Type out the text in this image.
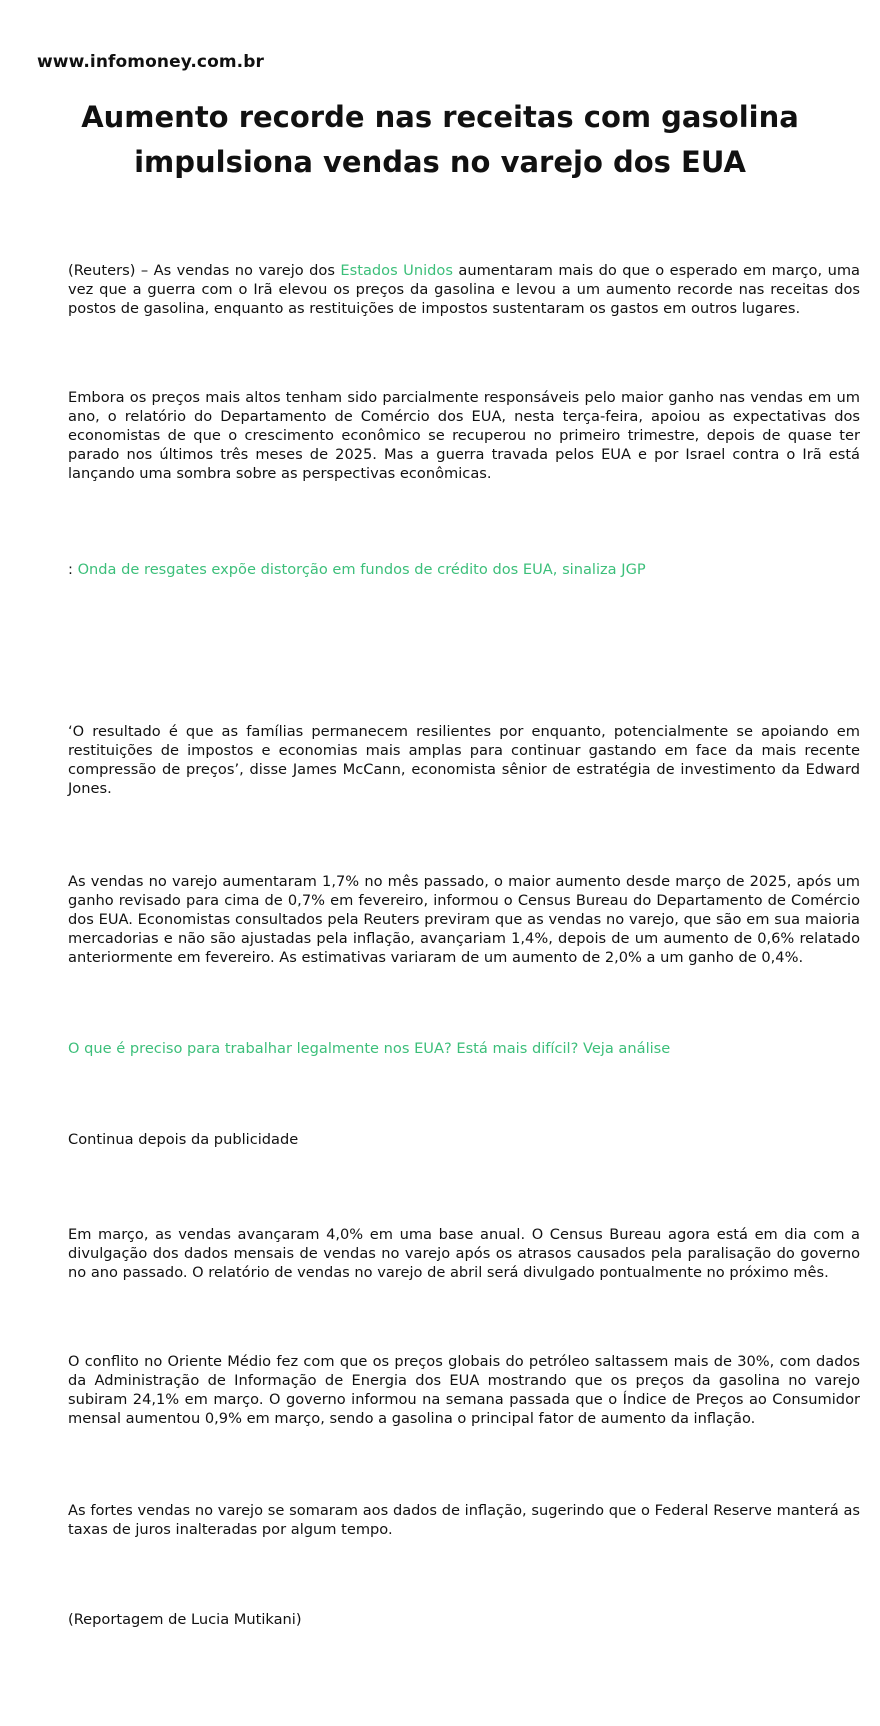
www.infomoney.com.br
Aumento recorde nas receitas com gasolina impulsiona vendas no varejo dos EUA

(Reuters) – As vendas no varejo dos Estados Unidos aumentaram mais do que o esperado em março, uma vez que a guerra com o Irã elevou os preços da gasolina e levou a um aumento recorde nas receitas dos postos de gasolina, enquanto as restituições de impostos sustentaram os gastos em outros lugares.

Embora os preços mais altos tenham sido parcialmente responsáveis pelo maior ganho nas vendas em um ano, o relatório do Departamento de Comércio dos EUA, nesta terça-feira, apoiou as expectativas dos economistas de que o crescimento econômico se recuperou no primeiro trimestre, depois de quase ter parado nos últimos três meses de 2025. Mas a guerra travada pelos EUA e por Israel contra o Irã está lançando uma sombra sobre as perspectivas econômicas.

: Onda de resgates expõe distorção em fundos de crédito dos EUA, sinaliza JGP

‘O resultado é que as famílias permanecem resilientes por enquanto, potencialmente se apoiando em restituições de impostos e economias mais amplas para continuar gastando em face da mais recente compressão de preços’, disse James McCann, economista sênior de estratégia de investimento da Edward Jones.

As vendas no varejo aumentaram 1,7% no mês passado, o maior aumento desde março de 2025, após um ganho revisado para cima de 0,7% em fevereiro, informou o Census Bureau do Departamento de Comércio dos EUA. Economistas consultados pela Reuters previram que as vendas no varejo, que são em sua maioria mercadorias e não são ajustadas pela inflação, avançariam 1,4%, depois de um aumento de 0,6% relatado anteriormente em fevereiro. As estimativas variaram de um aumento de 2,0% a um ganho de 0,4%.

O que é preciso para trabalhar legalmente nos EUA? Está mais difícil? Veja análise

Continua depois da publicidade

Em março, as vendas avançaram 4,0% em uma base anual. O Census Bureau agora está em dia com a divulgação dos dados mensais de vendas no varejo após os atrasos causados pela paralisação do governo no ano passado. O relatório de vendas no varejo de abril será divulgado pontualmente no próximo mês.

O conflito no Oriente Médio fez com que os preços globais do petróleo saltassem mais de 30%, com dados da Administração de Informação de Energia dos EUA mostrando que os preços da gasolina no varejo subiram 24,1% em março. O governo informou na semana passada que o Índice de Preços ao Consumidor mensal aumentou 0,9% em março, sendo a gasolina o principal fator de aumento da inflação.

As fortes vendas no varejo se somaram aos dados de inflação, sugerindo que o Federal Reserve manterá as taxas de juros inalteradas por algum tempo.

(Reportagem de Lucia Mutikani)
